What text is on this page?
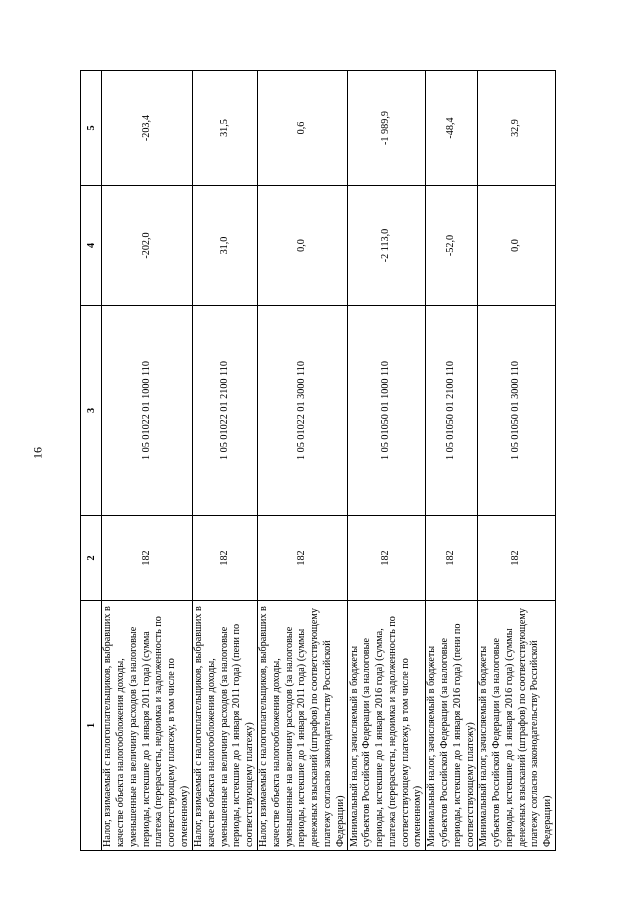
16
1	2	3	4	5
Налог, взимаемый с налогоплательщиков, выбравших в качестве объекта налогообложения доходы, уменьшенные на величину расходов (за налоговые периоды, истекшие до 1 января 2011 года) (сумма платежа (перерасчеты, недоимка и задолженность по соответствующему платежу, в том числе по отмененному)	182	1 05 01022 01 1000 110	-202,0	-203,4
Налог, взимаемый с налогоплательщиков, выбравших в качестве объекта налогообложения доходы, уменьшенные на величину расходов (за налоговые периоды, истекшие до 1 января 2011 года) (пени по соответствующему платежу)	182	1 05 01022 01 2100 110	31,0	31,5
Налог, взимаемый с налогоплательщиков, выбравших в качестве объекта налогообложения доходы, уменьшенные на величину расходов (за налоговые периоды, истекшие до 1 января 2011 года) (суммы денежных взысканий (штрафов) по соответствующему платежу согласно законодательству Российской Федерации)	182	1 05 01022 01 3000 110	0,0	0,6
Минимальный налог, зачисляемый в бюджеты субъектов Российской Федерации (за налоговые периоды, истекшие до 1 января 2016 года) (сумма, платежа (перерасчеты, недоимка и задолженность по соответствующему платежу, в том числе по отмененному)	182	1 05 01050 01 1000 110	-2 113,0	-1 989,9
Минимальный налог, зачисляемый в бюджеты субъектов Российской Федерации (за налоговые периоды, истекшие до 1 января 2016 года) (пени по соответствующему платежу)	182	1 05 01050 01 2100 110	-52,0	-48,4
Минимальный налог, зачисляемый в бюджеты субъектов Российской Федерации (за налоговые периоды, истекшие до 1 января 2016 года) (суммы денежных взысканий (штрафов) по соответствующему платежу согласно законодательству Российской Федерации)	182	1 05 01050 01 3000 110	0,0	32,9
